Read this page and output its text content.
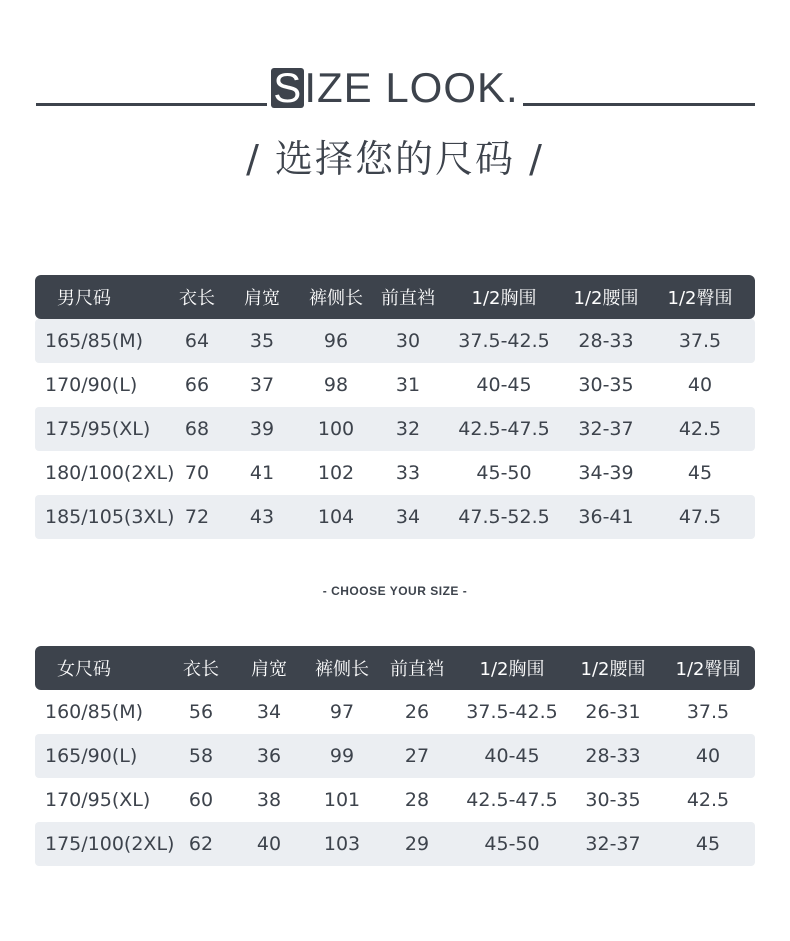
SIZE LOOK.
/ 选择您的尺码 /
男尺码	衣长	肩宽	裤侧长	前直裆	1/2胸围	1/2腰围	1/2臀围
165/85(M)	64	35	96	30	37.5-42.5	28-33	37.5
170/90(L)	66	37	98	31	40-45	30-35	40
175/95(XL)	68	39	100	32	42.5-47.5	32-37	42.5
180/100(2XL)	70	41	102	33	45-50	34-39	45
185/105(3XL)	72	43	104	34	47.5-52.5	36-41	47.5
- CHOOSE YOUR SIZE -
女尺码	衣长	肩宽	裤侧长	前直裆	1/2胸围	1/2腰围	1/2臀围
160/85(M)	56	34	97	26	37.5-42.5	26-31	37.5
165/90(L)	58	36	99	27	40-45	28-33	40
170/95(XL)	60	38	101	28	42.5-47.5	30-35	42.5
175/100(2XL)	62	40	103	29	45-50	32-37	45
